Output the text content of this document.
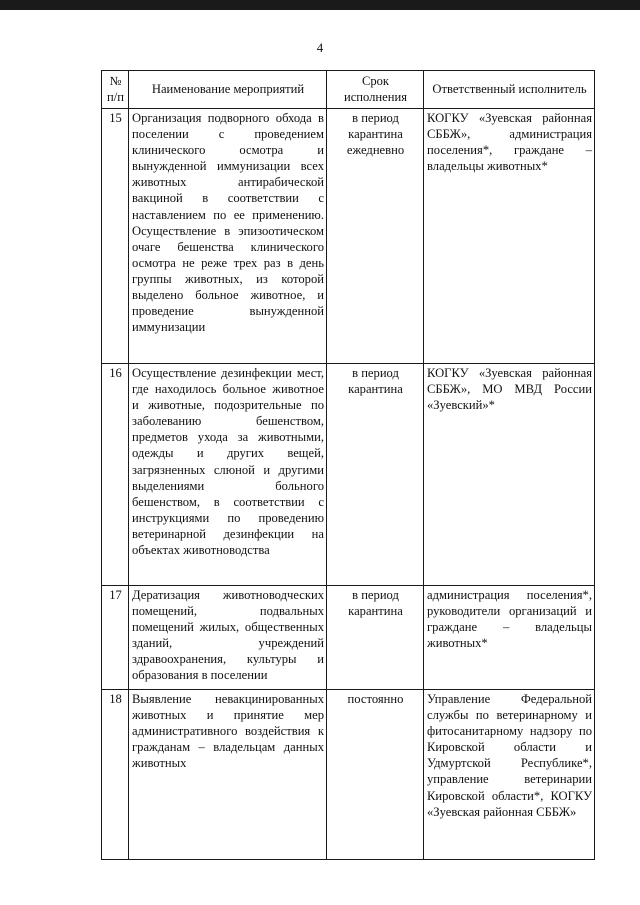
4
№ п/п	Наименование мероприятий	Срок исполнения	Ответственный исполнитель
15	Организация подворного обхода в поселении с проведением клинического осмотра и вынужденной иммунизации всех животных антирабической вакциной в соответствии с наставлением по ее применению. Осуществление в эпизоотическом очаге бешенства клинического осмотра не реже трех раз в день группы животных, из которой выделено больное животное, и проведение вынужденной иммунизации	в период карантина ежедневно	КОГКУ «Зуевская районная СББЖ», администрация поселения*, граждане – владельцы животных*

16	Осуществление дезинфекции мест, где находилось больное животное и животные, подозрительные по заболеванию бешенством, предметов ухода за животными, одежды и других вещей, загрязненных слюной и другими выделениями больного бешенством, в соответствии с инструкциями по проведению ветеринарной дезинфекции на объектах животноводства	в период карантина	КОГКУ «Зуевская районная СББЖ», МО МВД России «Зуевский»*

17	Дератизация животноводческих помещений, подвальных помещений жилых, общественных зданий, учреждений здравоохранения, культуры и образования в поселении	в период карантина	администрация поселения*, руководители организаций и граждане – владельцы животных*

18	Выявление невакцинированных животных и принятие мер административного воздействия к гражданам – владельцам данных животных	постоянно	Управление Федеральной службы по ветеринарному и фитосанитарному надзору по Кировской области и Удмуртской Республике*, управление ветеринарии Кировской области*, КОГКУ «Зуевская районная СББЖ»
